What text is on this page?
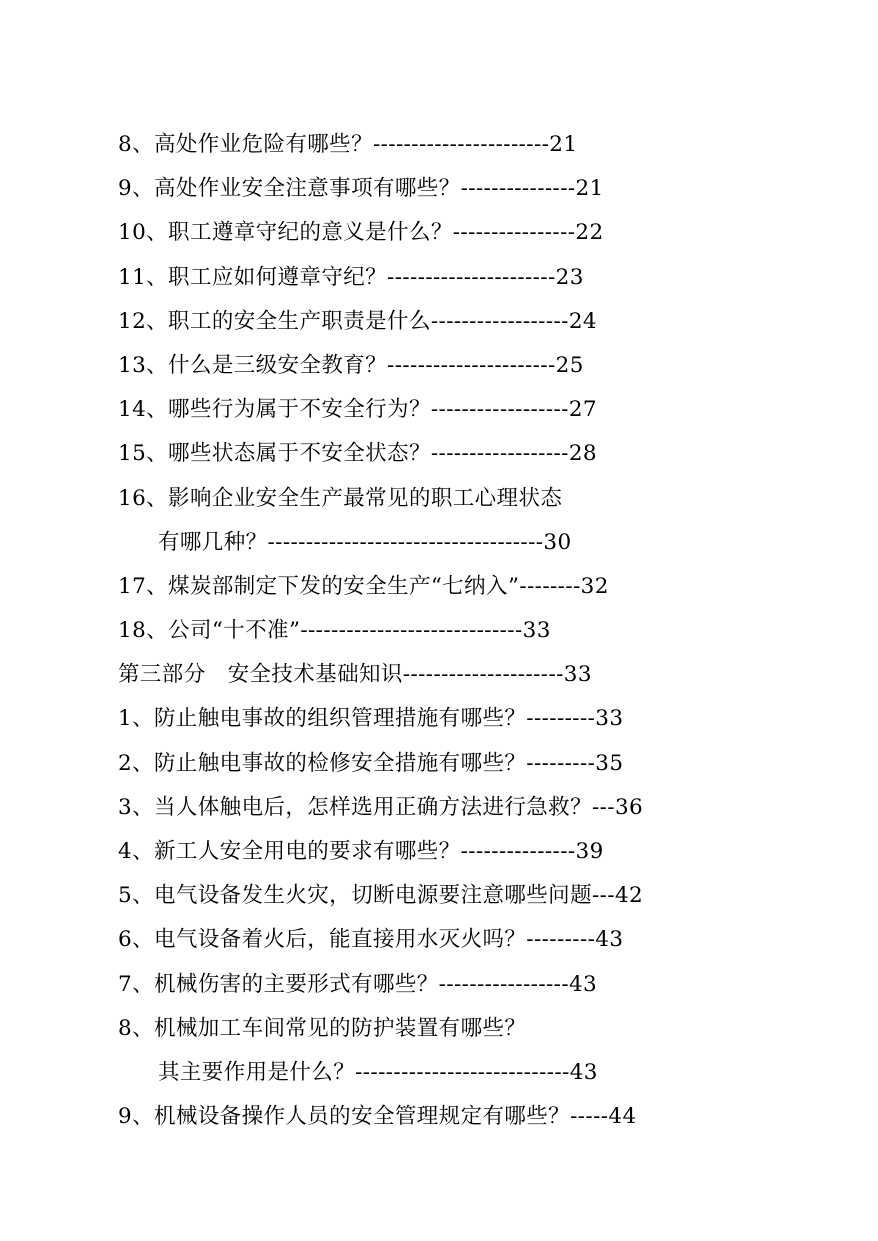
8、高处作业危险有哪些？-----------------------21
9、高处作业安全注意事项有哪些？---------------21
10、职工遵章守纪的意义是什么？----------------22
11、职工应如何遵章守纪？----------------------23
12、职工的安全生产职责是什么------------------24
13、什么是三级安全教育？----------------------25
14、哪些行为属于不安全行为？------------------27
15、哪些状态属于不安全状态？------------------28
16、影响企业安全生产最常见的职工心理状态
有哪几种？------------------------------------30
17、煤炭部制定下发的安全生产“七纳入”--------32
18、公司“十不准”-----------------------------33
第三部分 安全技术基础知识---------------------33
1、防止触电事故的组织管理措施有哪些？---------33
2、防止触电事故的检修安全措施有哪些？---------35
3、当人体触电后，怎样选用正确方法进行急救？---36
4、新工人安全用电的要求有哪些？---------------39
5、电气设备发生火灾，切断电源要注意哪些问题---42
6、电气设备着火后，能直接用水灭火吗？---------43
7、机械伤害的主要形式有哪些？-----------------43
8、机械加工车间常见的防护装置有哪些？
其主要作用是什么？----------------------------43
9、机械设备操作人员的安全管理规定有哪些？-----44
